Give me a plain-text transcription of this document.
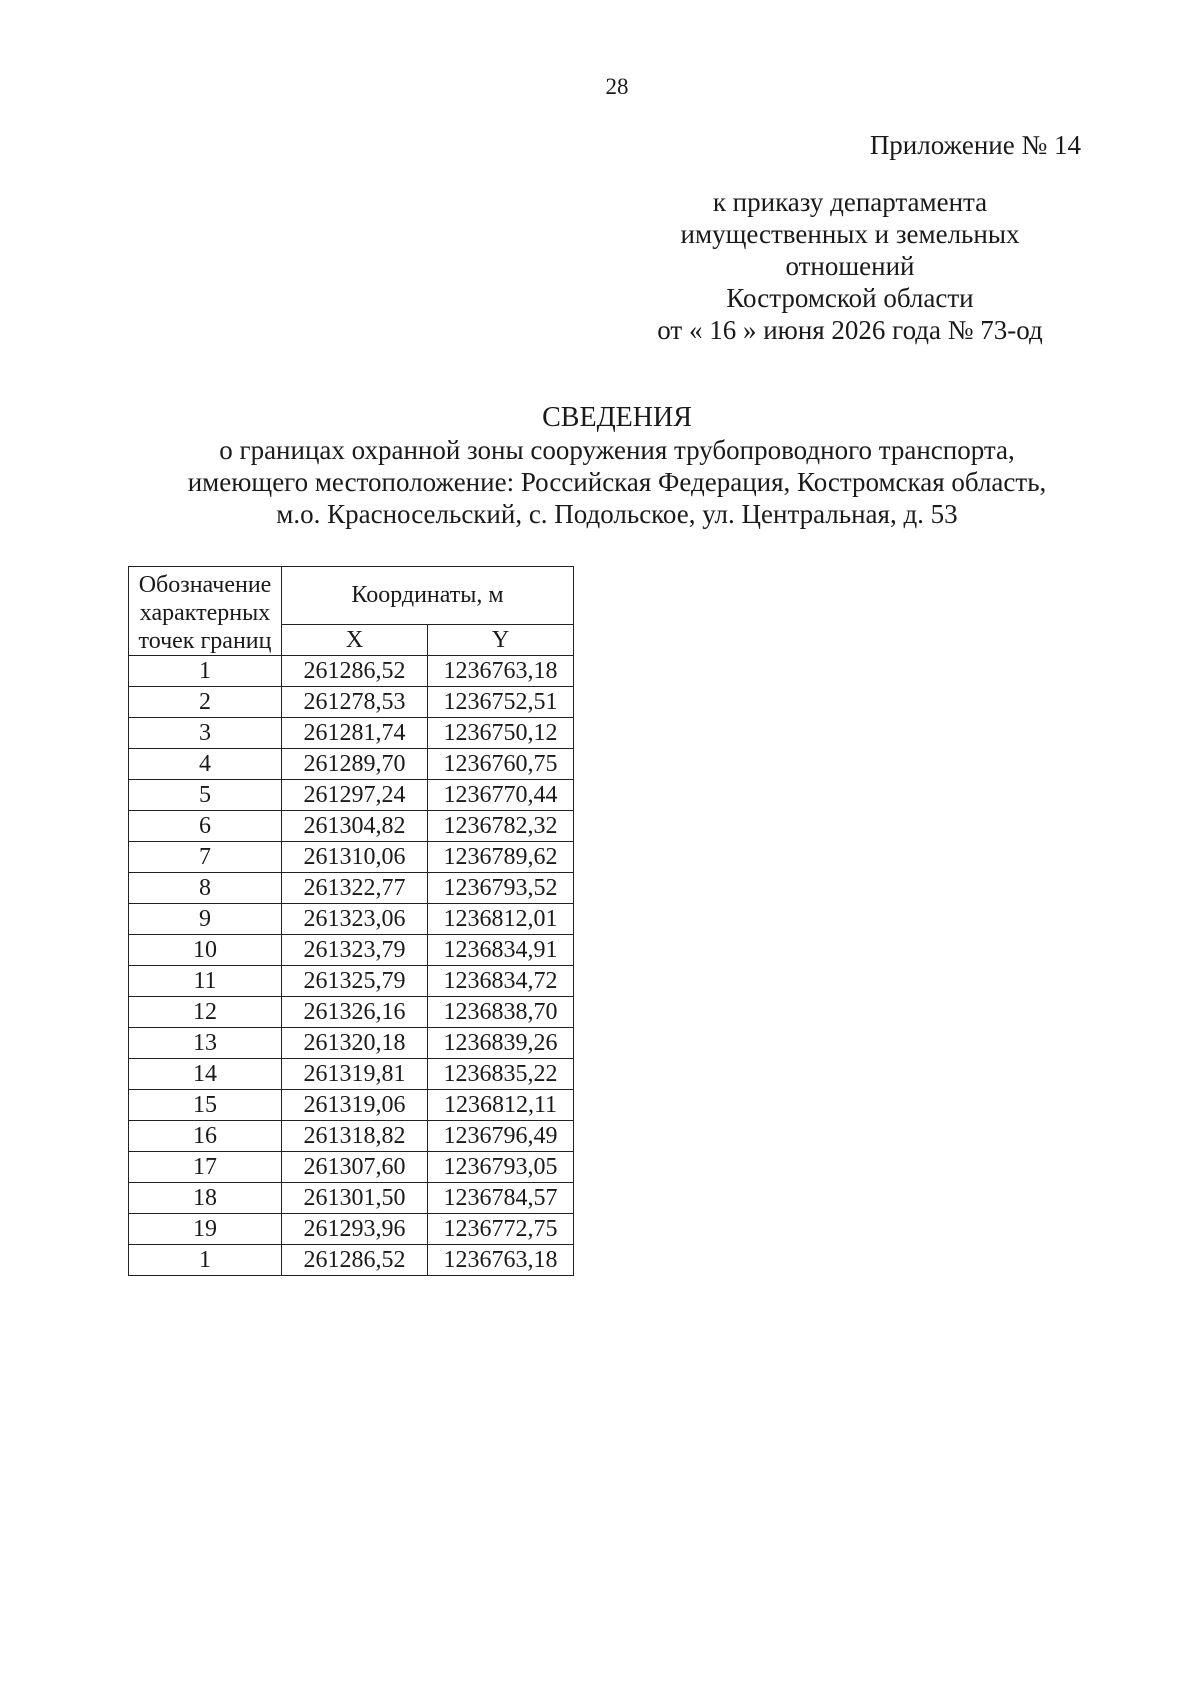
28
Приложение № 14
к приказу департамента
имущественных и земельных
отношений
Костромской области
от « 16 » июня 2026 года № 73-од
СВЕДЕНИЯ
о границах охранной зоны сооружения трубопроводного транспорта,
имеющего местоположение: Российская Федерация, Костромская область,
м.о. Красносельский, с. Подольское, ул. Центральная, д. 53
Обозначение характерных точек границ	Координаты, м	
	X	Y
1	261286,52	1236763,18
2	261278,53	1236752,51
3	261281,74	1236750,12
4	261289,70	1236760,75
5	261297,24	1236770,44
6	261304,82	1236782,32
7	261310,06	1236789,62
8	261322,77	1236793,52
9	261323,06	1236812,01
10	261323,79	1236834,91
11	261325,79	1236834,72
12	261326,16	1236838,70
13	261320,18	1236839,26
14	261319,81	1236835,22
15	261319,06	1236812,11
16	261318,82	1236796,49
17	261307,60	1236793,05
18	261301,50	1236784,57
19	261293,96	1236772,75
1	261286,52	1236763,18
